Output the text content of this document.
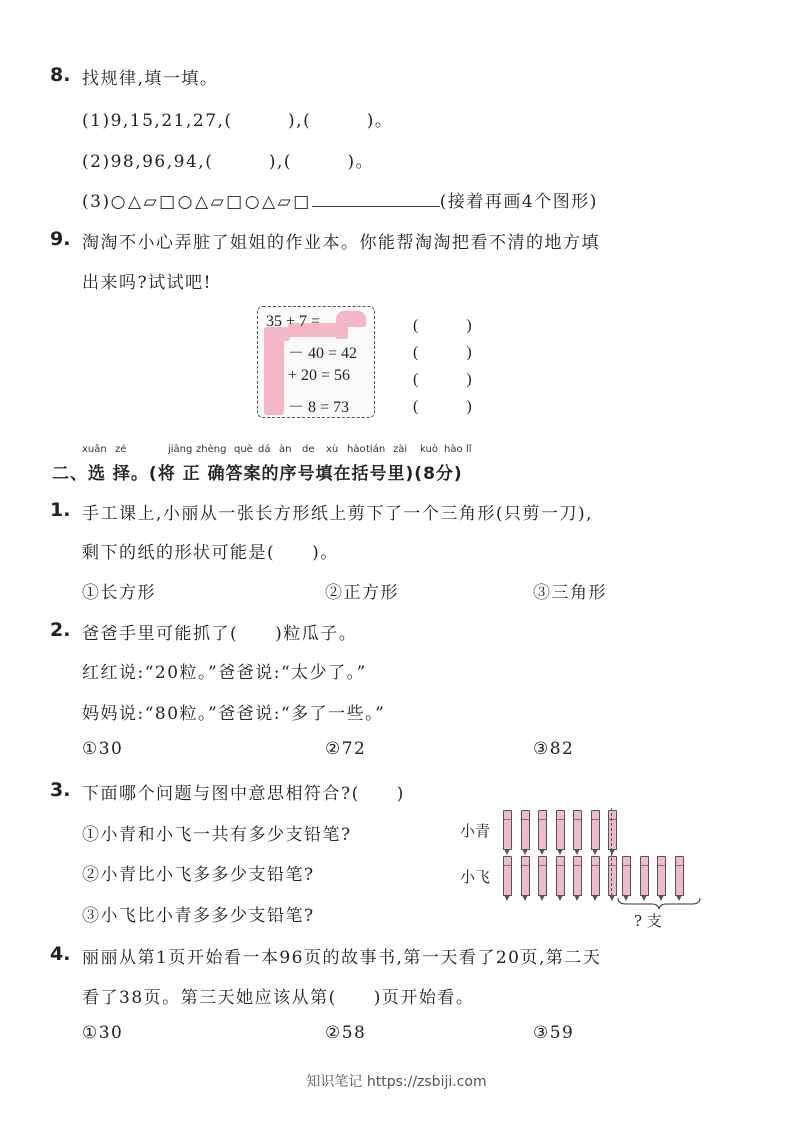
8. 找规律,填一填。
(1)9,15,21,27,(　　　),(　　　)。
(2)98,96,94,(　　　),(　　　)。
(3)○△▱□○△▱□○△▱□	(接着再画4个图形)
9. 淘淘不小心弄脏了姐姐的作业本。你能帮淘淘把看不清的地方填
出来吗?试试吧!
35 + 7 =
－ 40 = 42
+ 20 = 56
－ 8 = 73
(　　　)
(　　　)
(　　　)
(　　　)
xuǎn zé	jiāng zhèng què dá àn de xù hào tián zài kuò hào lǐ
二、选 择。(将 正 确答案的序号填在括号里)(8分)
1. 手工课上,小丽从一张长方形纸上剪下了一个三角形(只剪一刀),
剩下的纸的形状可能是(　　)。
①长方形	②正方形	③三角形
2. 爸爸手里可能抓了(　　)粒瓜子。
红红说:“20粒。”爸爸说:“太少了。”
妈妈说:“80粒。”爸爸说:“多了一些。”
①30	②72	③82
3. 下面哪个问题与图中意思相符合?(　　)
①小青和小飞一共有多少支铅笔?
②小青比小飞多多少支铅笔?
③小飞比小青多多少支铅笔?
小青
小飞
? 支
4. 丽丽从第1页开始看一本96页的故事书,第一天看了20页,第二天
看了38页。第三天她应该从第(　　)页开始看。
①30	②58	③59
知识笔记 https://zsbiji.com
